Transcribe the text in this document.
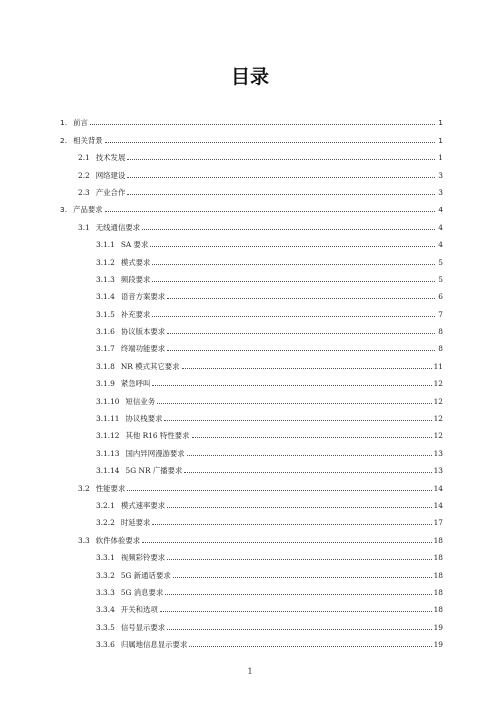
目录
1. 前言	1
2. 相关背景	1
2.1 技术发展	1
2.2 网络建设	3
2.3 产业合作	3
3. 产品要求	4
3.1 无线通信要求	4
3.1.1 SA 要求	4
3.1.2 模式要求	5
3.1.3 频段要求	5
3.1.4 语音方案要求	6
3.1.5 补充要求	7
3.1.6 协议版本要求	8
3.1.7 终端功能要求	8
3.1.8 NR 模式其它要求	11
3.1.9 紧急呼叫	12
3.1.10 短信业务	12
3.1.11 协议栈要求	12
3.1.12 其他 R16 特性要求	12
3.1.13 国内异网漫游要求	13
3.1.14 5G NR 广播要求	13
3.2 性能要求	14
3.2.1 模式速率要求	14
3.2.2 时延要求	17
3.3 软件体验要求	18
3.3.1 视频彩铃要求	18
3.3.2 5G 新通话要求	18
3.3.3 5G 消息要求	18
3.3.4 开关和选项	18
3.3.5 信号显示要求	19
3.3.6 归属地信息显示要求	19
1
